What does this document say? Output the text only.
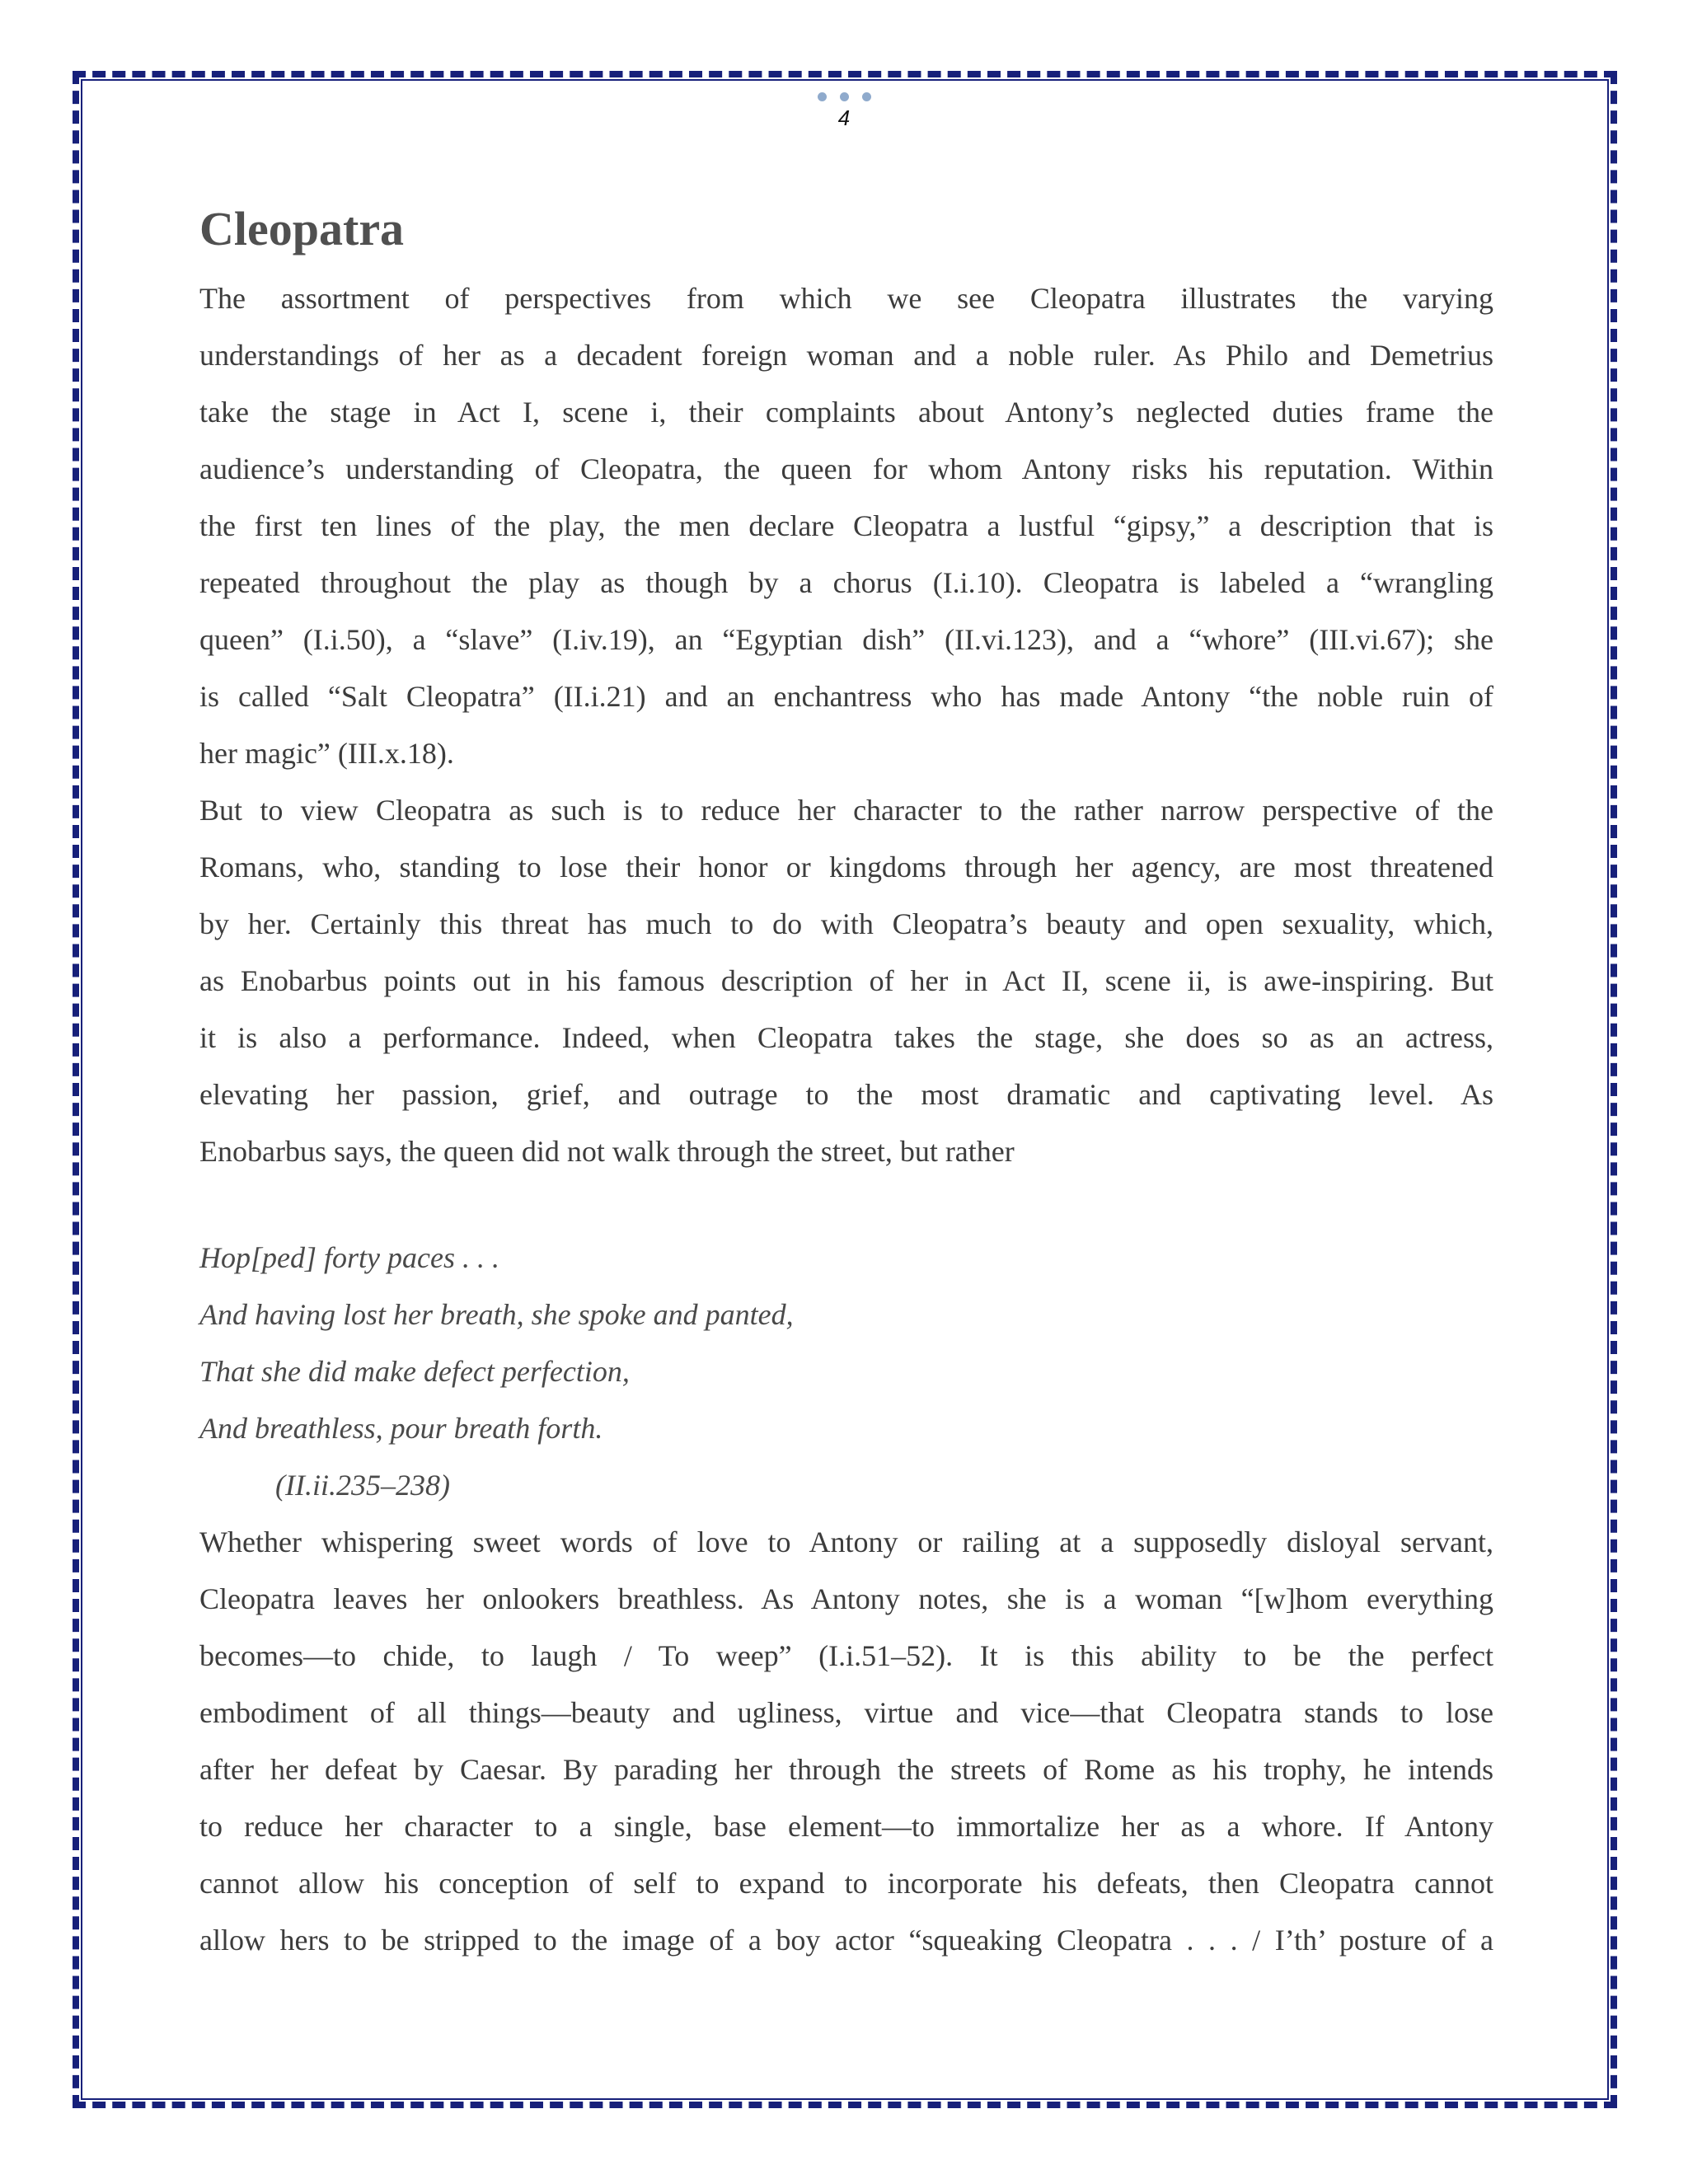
4
Cleopatra
The assortment of perspectives from which we see Cleopatra illustrates the varying
understandings of her as a decadent foreign woman and a noble ruler. As Philo and Demetrius
take the stage in Act I, scene i, their complaints about Antony’s neglected duties frame the
audience’s understanding of Cleopatra, the queen for whom Antony risks his reputation. Within
the first ten lines of the play, the men declare Cleopatra a lustful “gipsy,” a description that is
repeated throughout the play as though by a chorus (I.i.10). Cleopatra is labeled a “wrangling
queen” (I.i.50), a “slave” (I.iv.19), an “Egyptian dish” (II.vi.123), and a “whore” (III.vi.67); she
is called “Salt Cleopatra” (II.i.21) and an enchantress who has made Antony “the noble ruin of
her magic” (III.x.18).
But to view Cleopatra as such is to reduce her character to the rather narrow perspective of the
Romans, who, standing to lose their honor or kingdoms through her agency, are most threatened
by her. Certainly this threat has much to do with Cleopatra’s beauty and open sexuality, which,
as Enobarbus points out in his famous description of her in Act II, scene ii, is awe-inspiring. But
it is also a performance. Indeed, when Cleopatra takes the stage, she does so as an actress,
elevating her passion, grief, and outrage to the most dramatic and captivating level. As
Enobarbus says, the queen did not walk through the street, but rather
Hop[ped] forty paces . . .
And having lost her breath, she spoke and panted,
That she did make defect perfection,
And breathless, pour breath forth.
(II.ii.235–238)
Whether whispering sweet words of love to Antony or railing at a supposedly disloyal servant,
Cleopatra leaves her onlookers breathless. As Antony notes, she is a woman “[w]hom everything
becomes—to chide, to laugh / To weep” (I.i.51–52). It is this ability to be the perfect
embodiment of all things—beauty and ugliness, virtue and vice—that Cleopatra stands to lose
after her defeat by Caesar. By parading her through the streets of Rome as his trophy, he intends
to reduce her character to a single, base element—to immortalize her as a whore. If Antony
cannot allow his conception of self to expand to incorporate his defeats, then Cleopatra cannot
allow hers to be stripped to the image of a boy actor “squeaking Cleopatra . . . / I’th’ posture of a
